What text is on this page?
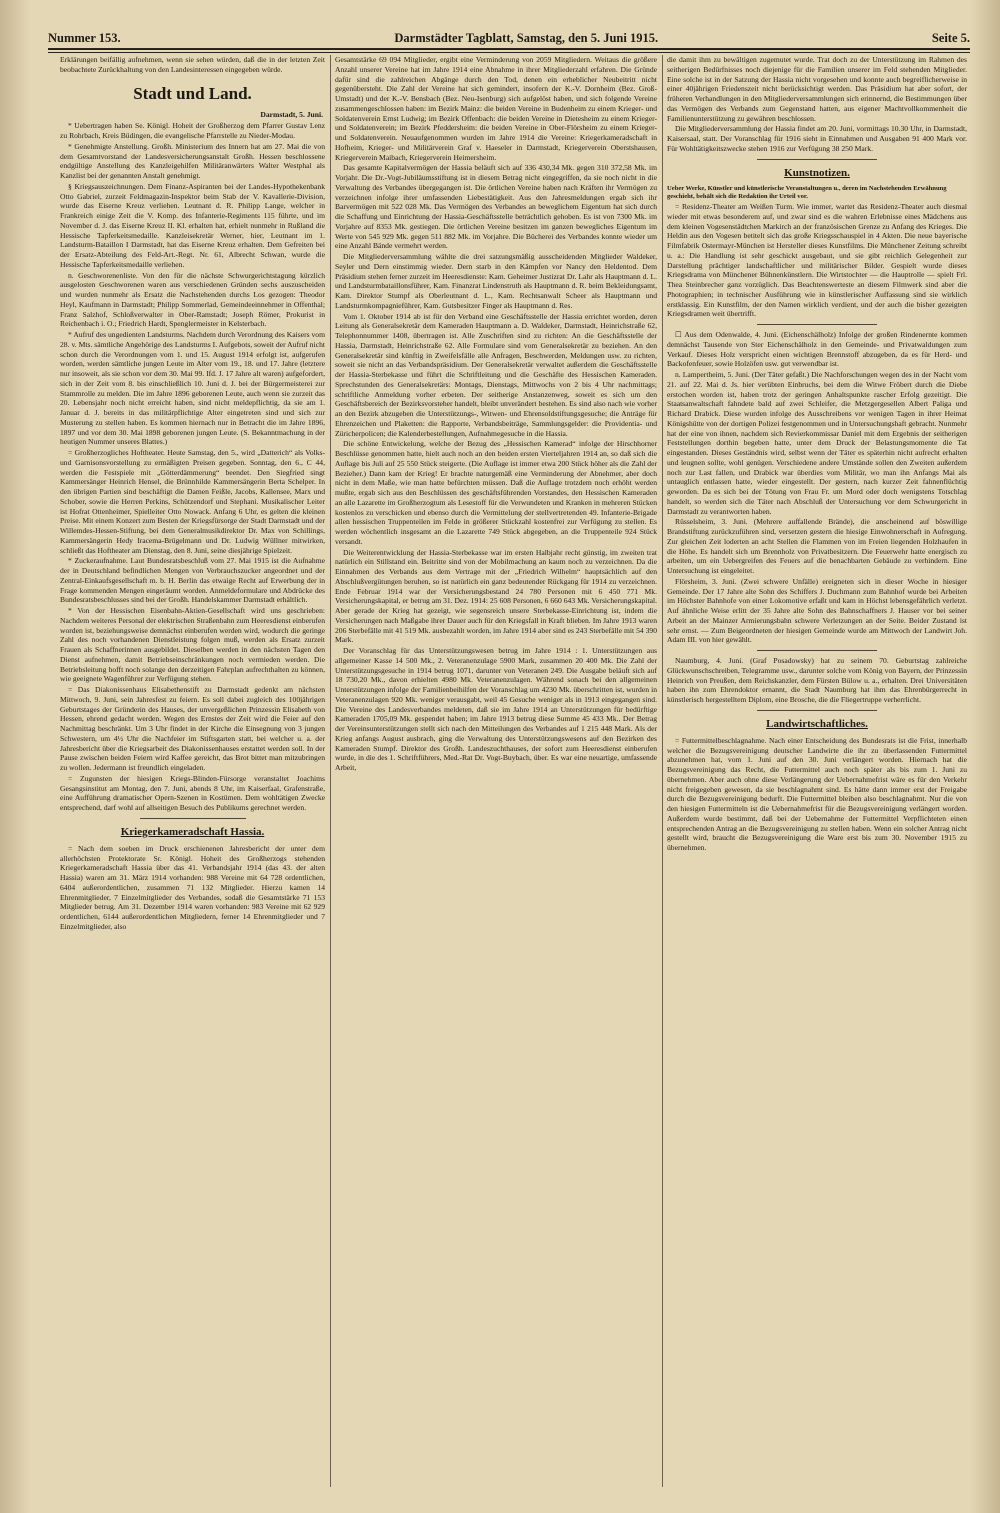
Nummer 153.	Darmstädter Tagblatt, Samstag, den 5. Juni 1915.	Seite 5.

Erklärungen beifällig aufnehmen, wenn sie sehen würden, daß die in der letzten Zeit beobachtete Zurückhaltung von den Landesinteressen eingegeben würde.

Stadt und Land.
Darmstadt, 5. Juni.

* Uebertragen haben Se. Königl. Hoheit der Großherzog dem Pfarrer Gustav Lenz zu Rohrbach, Kreis Büdingen, die evangelische Pfarrstelle zu Nieder-Modau.

* Genehmigte Anstellung. Großh. Ministerium des Innern hat am 27. Mai die von dem Gesamtvorstand der Landesversicherungsanstalt Großh. Hessen beschlossene endgültige Anstellung des Kanzleigehilfen Militäranwärters Walter Westphal als Kanzlist bei der genannten Anstalt genehmigt.

§ Kriegsauszeichnungen. Dem Finanz-Aspiranten bei der Landes-Hypothekenbank Otto Gabriel, zurzeit Feldmagazin-Inspektor beim Stab der V. Kavallerie-Division, wurde das Eiserne Kreuz verliehen. Leutnant d. R. Philipp Lange, welcher in Frankreich einige Zeit die V. Komp. des Infanterie-Regiments 115 führte, und im November d. J. das Eiserne Kreuz II. Kl. erhalten hat, erhielt nunmehr in Rußland die Hessische Tapferkeitsmedaille. Kanzleisekretär Werner, hier, Leutnant im 1. Landsturm-Bataillon I Darmstadt, hat das Eiserne Kreuz erhalten. Dem Gefreiten bei der Ersatz-Abteilung des Feld-Art.-Regt. Nr. 61, Albrecht Schwan, wurde die Hessische Tapferkeitsmedaille verliehen.

n. Geschworenenliste. Von den für die nächste Schwurgerichtstagung kürzlich ausgelosten Geschworenen waren aus verschiedenen Gründen sechs auszuscheiden und wurden nunmehr als Ersatz die Nachstehenden durchs Los gezogen: Theodor Heyl, Kaufmann in Darmstadt; Philipp Sommerlad, Gemeindeeinnehmer in Offenthal; Franz Salzhof, Schloßverwalter in Ober-Ramstadt; Joseph Römer, Prokurist in Reichenbach i. O.; Friedrich Hardt, Spenglermeister in Kelsterbach.

* Aufruf des ungedienten Landsturms. Nachdem durch Verordnung des Kaisers vom 28. v. Mts. sämtliche Angehörige des Landsturms I. Aufgebots, soweit der Aufruf nicht schon durch die Verordnungen vom 1. und 15. August 1914 erfolgt ist, aufgerufen worden, werden sämtliche jungen Leute im Alter vom 19., 18. und 17. Jahre (letztere nur insoweit, als sie schon vor dem 30. Mai 99. Ifd. J. 17 Jahre alt waren) aufgefordert, sich in der Zeit vom 8. bis einschließlich 10. Juni d. J. bei der Bürgermeisterei zur Stammrolle zu melden. Die im Jahre 1896 geborenen Leute, auch wenn sie zurzeit das 20. Lebensjahr noch nicht erreicht haben, sind nicht meldepflichtig, da sie am 1. Januar d. J. bereits in das militärpflichtige Alter eingetreten sind und sich zur Musterung zu stellen haben. Es kommen hiernach nur in Betracht die im Jahre 1896, 1897 und vor dem 30. Mai 1898 geborenen jungen Leute. (S. Bekanntmachung in der heutigen Nummer unseres Blattes.)

= Großherzogliches Hoftheater. Heute Samstag, den 5., wird „Datterich“ als Volks- und Garnisonsvorstellung zu ermäßigten Preisen gegeben. Sonntag, den 6., C 44, werden die Festspiele mit „Götterdämmerung“ beendet. Den Siegfried singt Kammersänger Heinrich Hensel, die Brünnhilde Kammersängerin Berta Schelper. In den übrigen Partien sind beschäftigt die Damen Feißle, Jacobs, Kallensee, Marx und Schober, sowie die Herren Perkins, Schützendorf und Stephani. Musikalischer Leiter ist Hofrat Ottenheimer, Spielleiter Otto Nowack. Anfang 6 Uhr, es gelten die kleinen Preise. Mit einem Konzert zum Besten der Kriegsfürsorge der Stadt Darmstadt und der Willemdes-Hessen-Stiftung, bei dem Generalmusikdirektor Dr. Max von Schillings, Kammersängerin Hedy Iracema-Brügelmann und Dr. Ludwig Wüllner mitwirken, schließt das Hoftheater am Dienstag, den 8. Juni, seine diesjährige Spielzeit.

* Zuckeraufnahme. Laut Bundesratsbeschluß vom 27. Mai 1915 ist die Aufnahme der in Deutschland befindlichen Mengen von Verbrauchszucker angeordnet und der Zentral-Einkaufsgesellschaft m. b. H. Berlin das etwaige Recht auf Erwerbung der in Frage kommenden Mengen eingeräumt worden. Anmeldeformulare und Abdrücke des Bundesratsbeschlusses sind bei der Großh. Handelskammer Darmstadt erhältlich.

* Von der Hessischen Eisenbahn-Aktien-Gesellschaft wird uns geschrieben: Nachdem weiteres Personal der elektrischen Straßenbahn zum Heeresdienst einberufen worden ist, beziehungsweise demnächst einberufen werden wird, wodurch die geringe Zahl des noch vorhandenen Dienstleistung folgen muß, werden als Ersatz zurzeit Frauen als Schaffnerinnen ausgebildet. Dieselben werden in den nächsten Tagen den Dienst aufnehmen, damit Betriebseinschränkungen noch vermieden werden. Die Betriebsleitung hofft noch solange den derzeitigen Fahrplan aufrechthalten zu können, wie geeignete Wagenführer zur Verfügung stehen.

= Das Diakonissenhaus Elisabethenstift zu Darmstadt gedenkt am nächsten Mittwoch, 9. Juni, sein Jahresfest zu feiern. Es soll dabei zugleich des 100jährigen Geburtstages der Gründerin des Hauses, der unvergeßlichen Prinzessin Elisabeth von Hessen, ehrend gedacht werden. Wegen des Ernstes der Zeit wird die Feier auf den Nachmittag beschränkt. Um 3 Uhr findet in der Kirche die Einsegnung von 3 jungen Schwestern, um 4½ Uhr die Nachfeier im Stiftsgarten statt, bei welcher u. a. der Jahresbericht über die Kriegsarbeit des Diakonissenhauses erstattet werden soll. In der Pause zwischen beiden Feiern wird Kaffee gereicht, das Brot bittet man mitzubringen zu wollen. Jedermann ist freundlich eingeladen.

= Zugunsten der hiesigen Kriegs-Blinden-Fürsorge veranstaltet Joachims Gesangsinstitut am Montag, den 7. Juni, abends 8 Uhr, im Kaiserfaal, Grafenstraße, eine Aufführung dramatischer Opern-Szenen in Kostümen. Dem wohltätigen Zwecke entsprechend, darf wohl auf allseitigen Besuch des Publikums gerechnet werden.

Kriegerkameradschaft Hassia.

= Nach dem soeben im Druck erschienenen Jahresbericht der unter dem allerhöchsten Protektorate Sr. Königl. Hoheit des Großherzogs stehenden Kriegerkameradschaft Hassia über das 41. Verbandsjahr 1914 (das 43. der alten Hassia) waren am 31. März 1914 vorhanden: 988 Vereine mit 64 728 ordentlichen, 6404 außerordentlichen, zusammen 71 132 Mitglieder. Hierzu kamen 14 Ehrenmitglieder, 7 Einzelmitglieder des Verbandes, sodaß die Gesamtstärke 71 153 Mitglieder betrug. Am 31. Dezember 1914 waren vorhanden: 983 Vereine mit 62 929 ordentlichen, 6144 außerordentlichen Mitgliedern, ferner 14 Ehrenmitglieder und 7 Einzelmitglieder, also

Gesamtstärke 69 094 Mitglieder, ergibt eine Verminderung von 2059 Mitgliedern. Weitaus die größere Anzahl unserer Vereine hat im Jahre 1914 eine Abnahme in ihrer Mitgliederzahl erfahren. Die Gründe dafür sind die zahlreichen Abgänge durch den Tod, denen ein erheblicher Neubeitritt nicht gegenübersteht. Die Zahl der Vereine hat sich gemindert, insofern der K.-V. Dornheim (Bez. Groß-Umstadt) und der K.-V. Bensbach (Bez. Neu-Isenburg) sich aufgelöst haben, und sich folgende Vereine zusammengeschlossen haben: im Bezirk Mainz: die beiden Vereine in Budenheim zu einem Krieger- und Soldatenverein Ernst Ludwig; im Bezirk Offenbach: die beiden Vereine in Dietesheim zu einem Krieger- und Soldatenverein; im Bezirk Pfeddersheim: die beiden Vereine in Ober-Flörsheim zu einem Krieger- und Soldatenverein. Neuaufgenommen wurden im Jahre 1914 die Vereine: Kriegerkameradschaft in Hofheim, Krieger- und Militärverein Graf v. Haeseler in Darmstadt, Kriegerverein Oberstshausen, Kriegerverein Maibach, Kriegerverein Heimersheim.

Das gesamte Kapitalvermögen der Hassia beläuft sich auf 336 430,34 Mk. gegen 310 372,58 Mk. im Vorjahr. Die Dr.-Vogt-Jubiläumsstiftung ist in diesem Betrag nicht eingegriffen, da sie noch nicht in die Verwaltung des Verbandes übergegangen ist. Die örtlichen Vereine haben nach Kräften ihr Vermögen zu verzeichnen infolge ihrer umfassenden Liebestätigkeit. Aus den Jahresmeldungen ergab sich ihr Barvermögen mit 522 028 Mk. Das Vermögen des Verbandes an beweglichem Eigentum hat sich durch die Schaffung und Einrichtung der Hassia-Geschäftsstelle beträchtlich gehoben. Es ist von 7300 Mk. im Vorjahre auf 8353 Mk. gestiegen. Die örtlichen Vereine besitzen im ganzen bewegliches Eigentum im Werte von 545 929 Mk. gegen 511 882 Mk. im Vorjahre. Die Bücherei des Verbandes konnte wieder um eine Anzahl Bände vermehrt werden.

Die Mitgliederversammlung wählte die drei satzungsmäßig ausscheidenden Mitglieder Waldeker, Seyler und Dern einstimmig wieder. Dern starb in den Kämpfen vor Nancy den Heldentod. Dem Präsidium stehen ferner zurzeit im Heeresdienste: Kam. Geheimer Justizrat Dr. Lahr als Hauptmann d. L. und Landsturmbataillonsführer, Kam. Finanzrat Lindenstruth als Hauptmann d. R. beim Bekleidungsamt, Kam. Direktor Stumpf als Oberleutnant d. L., Kam. Rechtsanwalt Scheer als Hauptmann und Landsturmkompagnieführer, Kam. Gutsbesitzer Finger als Hauptmann d. Res.

Vom 1. Oktober 1914 ab ist für den Verband eine Geschäftsstelle der Hassia errichtet worden, deren Leitung als Generalsekretär dem Kameraden Hauptmann a. D. Waldeker, Darmstadt, Heinrichstraße 62, Telephonnummer 1408, übertragen ist. Alle Zuschriften sind zu richten: An die Geschäftsstelle der Hassia, Darmstadt, Heinrichstraße 62. Alle Formulare sind vom Generalsekretär zu beziehen. An den Generalsekretär sind künftig in Zweifelsfälle alle Anfragen, Beschwerden, Meldungen usw. zu richten, soweit sie nicht an das Verbandspräsidium. Der Generalsekretär verwaltet außerdem die Geschäftsstelle der Hassia-Sterbekasse und führt die Schriftleitung und die Geschäfte des Hessischen Kameraden. Sprechstunden des Generalsekretärs: Montags, Dienstags, Mittwochs von 2 bis 4 Uhr nachmittags; schriftliche Anmeldung vorher erbeten. Der seitherige Anstanzenweg, soweit es sich um den Geschäftsbereich der Bezirksvorsteher handelt, bleibt unverändert bestehen. Es sind also nach wie vorher an den Bezirk abzugeben die Unterstützungs-, Witwen- und Ehrensoldstiftungsgesuche; die Anträge für Ehrenzeichen und Plaketten: die Rapporte, Verbandsbeiträge, Sammlungsgelder: die Providentia- und Züricherpolicen; die Kalenderbestellungen, Aufnahmegesuche in die Hassia.

Die schöne Entwickelung, welche der Bezug des „Hessischen Kamerad“ infolge der Hirschhorner Beschlüsse genommen hatte, hielt auch noch an den beiden ersten Vierteljahren 1914 an, so daß sich die Auflage bis Juli auf 25 550 Stück steigerte. (Die Auflage ist immer etwa 200 Stück höher als die Zahl der Bezieher.) Dann kam der Krieg! Er brachte naturgemäß eine Verminderung der Abnehmer, aber doch nicht in dem Maße, wie man hatte befürchten müssen. Daß die Auflage trotzdem noch erhöht werden mußte, ergab sich aus den Beschlüssen des geschäftsführenden Vorstandes, den Hessischen Kameraden an alle Lazarette im Großherzogtum als Lesestoff für die Verwundeten und Kranken in mehreren Stücken kostenlos zu verschicken und ebenso durch die Vermittelung der stellvertretenden 49. Infanterie-Brigade allen hessischen Truppenteilen im Felde in größerer Stückzahl kostenfrei zur Verfügung zu stellen. Es werden wöchentlich insgesamt an die Lazarette 749 Stück abgegeben, an die Truppenteile 924 Stück versandt.

Die Weiterentwicklung der Hassia-Sterbekasse war im ersten Halbjahr recht günstig, im zweiten trat natürlich ein Stillstand ein. Beitritte sind von der Mobilmachung an kaum noch zu verzeichnen. Da die Einnahmen des Verbands aus dem Vertrage mit der „Friedrich Wilhelm“ hauptsächlich auf den Abschlußvergütungen beruhen, so ist natürlich ein ganz bedeutender Rückgang für 1914 zu verzeichnen. Ende Februar 1914 war der Versicherungsbestand 24 780 Personen mit 6 450 771 Mk. Versicherungskapital, er betrug am 31. Dez. 1914: 25 608 Personen, 6 660 643 Mk. Versicherungskapital. Aber gerade der Krieg hat gezeigt, wie segensreich unsere Sterbekasse-Einrichtung ist, indem die Versicherungen nach Maßgabe ihrer Dauer auch für den Kriegsfall in Kraft blieben. Im Jahre 1913 waren 206 Sterbefälle mit 41 519 Mk. ausbezahlt worden, im Jahre 1914 aber sind es 243 Sterbefälle mit 54 390 Mark.

Der Voranschlag für das Unterstützungswesen betrug im Jahre 1914 : 1. Unterstützungen aus allgemeiner Kasse 14 500 Mk., 2. Veteranenzulage 5900 Mark, zusammen 20 400 Mk. Die Zahl der Unterstützungsgesuche in 1914 betrug 1071, darunter von Veteranen 249. Die Ausgabe beläuft sich auf 18 730,20 Mk., davon erhielten 4980 Mk. Veteranenzulagen. Während sonach bei den allgemeinen Unterstützungen infolge der Familienbeihilfen der Voranschlag um 4230 Mk. überschritten ist, wurden in Veteranenzulagen 920 Mk. weniger verausgabt, weil 45 Gesuche weniger als in 1913 eingegangen sind. Die Vereine des Landesverbandes meldeten, daß sie im Jahre 1914 an Unterstützungen für bedürftige Kameraden 1705,09 Mk. gespendet haben; im Jahre 1913 betrug diese Summe 45 433 Mk.. Der Betrag der Vereinsunterstützungen stellt sich nach den Mitteilungen des Verbandes auf 1 215 448 Mark. Als der Krieg anfangs August ausbrach, ging die Verwaltung des Unterstützungswesens auf den Bezirken des Kameraden Stumpf. Direktor des Großh. Landeszuchthauses, der sofort zum Heeresdienst einberufen wurde, in die des 1. Schriftführers, Med.-Rat Dr. Vogt-Buybach, über. Es war eine neuartige, umfassende Arbeit,

die damit ihm zu bewältigen zugemutet wurde. Trat doch zu der Unterstützung im Rahmen des seitherigen Bedürfnisses noch diejenige für die Familien unserer im Feld stehenden Mitglieder. Eine solche ist in der Satzung der Hassia nicht vorgesehen und konnte auch begreiflicherweise in einer 40jährigen Friedenszeit nicht berücksichtigt werden. Das Präsidium hat aber sofort, der früheren Verhandlungen in den Mitgliederversammlungen sich erinnernd, die Bestimmungen über das Vermögen des Verbands zum Gegenstand hatten, aus eigener Machtvollkommenheit die Familienunterstützung zu gewähren beschlossen.

Die Mitgliederversammlung der Hassia findet am 20. Juni, vormittags 10.30 Uhr, in Darmstadt, Kaisersaal, statt. Der Voranschlag für 1916 sieht in Einnahmen und Ausgaben 91 400 Mark vor. Für Wohltätigkeitszwecke stehen 1916 zur Verfügung 38 250 Mark.

Kunstnotizen.

Ueber Werke, Künstler und künstlerische Veranstaltungen u., deren im Nachstehenden Erwähnung geschieht, behält sich die Redaktion ihr Urteil vor.

= Residenz-Theater am Weißen Turm. Wie immer, wartet das Residenz-Theater auch diesmal wieder mit etwas besonderem auf, und zwar sind es die wahren Erlebnisse eines Mädchens aus dem kleinen Vogesenstädtchen Markirch an der französischen Grenze zu Anfang des Krieges. Die Heldin aus den Vogesen betitelt sich das große Kriegsschauspiel in 4 Akten. Die neue bayerische Filmfabrik Ostermayr-München ist Hersteller dieses Kunstfilms. Die Münchener Zeitung schreibt u. a.: Die Handlung ist sehr geschickt ausgebaut, und sie gibt reichlich Gelegenheit zur Darstellung prächtiger landschaftlicher und militärischer Bilder. Gespielt wurde dieses Kriegsdrama von Münchener Bühnenkünstlern. Die Wirtstochter — die Hauptrolle — spielt Frl. Thea Steinbrecher ganz vorzüglich. Das Beachtenswerteste an diesem Filmwerk sind aber die Photographien; in technischer Ausführung wie in künstlerischer Auffassung sind sie wirklich erstklassig. Ein Kunstfilm, der den Namen wirklich verdient, und der auch die bisher gezeigten Kriegsdramen weit übertrifft.

☐ Aus dem Odenwalde, 4. Juni. (Eichenschälholz) Infolge der großen Rindenernte kommen demnächst Tausende von Ster Eichenschälholz in den Gemeinde- und Privatwaldungen zum Verkauf. Dieses Holz verspricht einen wichtigen Brennstoff abzugeben, da es für Herd- und Backofenfeuer, sowie Holzöfen usw. gut verwendbar ist.

n. Lampertheim, 5. Juni. (Der Täter gefaßt.) Die Nachforschungen wegen des in der Nacht vom 21. auf 22. Mai d. Js. hier verübten Einbruchs, bei dem die Witwe Fröbert durch die Diebe erstochen worden ist, haben trotz der geringen Anhaltspunkte rascher Erfolg gezeitigt. Die Staatsanwaltschaft fahndete bald auf zwei Schleifer, die Metzgergesellen Albert Paliga und Richard Drabick. Diese wurden infolge des Ausschreibens vor wenigen Tagen in ihrer Heimat Königshütte von der dortigen Polizei festgenommen und in Untersuchungshaft gebracht. Nunmehr hat der eine von ihnen, nachdem sich Revierkommissar Daniel mit dem Ergebnis der seitherigen Feststellungen dorthin begeben hatte, unter dem Druck der Belastungsmomente die Tat eingestanden. Dieses Geständnis wird, selbst wenn der Täter es späterhin nicht aufrecht erhalten und leugnen sollte, wohl genügen. Verschiedene andere Umstände sollen den Zweiten außerdem noch zur Last fallen, und Drabick war überdies vom Militär, wo man ihn Anfangs Mai als untauglich entlassen hatte, wieder eingestellt. Der gestern, nach kurzer Zeit fahnenflüchtig geworden. Da es sich bei der Tötung von Frau Fr. um Mord oder doch wenigstens Totschlag handelt, so werden sich die Täter nach Abschluß der Untersuchung vor dem Schwurgericht in Darmstadt zu verantworten haben.

Rüsselsheim, 3. Juni. (Mehrere auffallende Brände), die anscheinend auf böswillige Brandstiftung zurückzuführen sind, versetzen gestern die hiesige Einwohnerschaft in Aufregung. Zur gleichen Zeit loderten an acht Stellen die Flammen von im Freien liegenden Holzhaufen in die Höhe. Es handelt sich um Brennholz von Privatbesitzern. Die Feuerwehr hatte energisch zu arbeiten, um ein Uebergreifen des Feuers auf die benachbarten Gebäude zu verhindern. Eine Untersuchung ist eingeleitet.

Flörsheim, 3. Juni. (Zwei schwere Unfälle) ereigneten sich in dieser Woche in hiesiger Gemeinde. Der 17 Jahre alte Sohn des Schiffers J. Duchmann zum Bahnhof wurde bei Arbeiten im Höchster Bahnhofe von einer Lokomotive erfaßt und kam in Höchst lebensgefährlich verletzt. Auf ähnliche Weise erlitt der 35 Jahre alte Sohn des Bahnschaffners J. Hauser vor bei seiner Arbeit an der Mainzer Armierungsbahn schwere Verletzungen an der Seite. Beider Zustand ist sehr ernst. — Zum Beigeordneten der hiesigen Gemeinde wurde am Mittwoch der Landwirt Joh. Adam III. von hier gewählt.

Naumburg, 4. Juni. (Graf Posadowsky) hat zu seinem 70. Geburtstag zahlreiche Glückwunschschreiben, Telegramme usw., darunter solche vom König von Bayern, der Prinzessin Heinrich von Preußen, dem Reichskanzler, dem Fürsten Bülow u. a., erhalten. Drei Universitäten haben ihn zum Ehrendoktor ernannt, die Stadt Naumburg hat ihm das Ehrenbürgerrecht in künstlerisch hergestelltem Diplom, eine Brosche, die die Fliegertruppe verherrlicht.

Landwirtschaftliches.

= Futtermittelbeschlagnahme. Nach einer Entscheidung des Bundesrats ist die Frist, innerhalb welcher die Bezugsvereinigung deutscher Landwirte die ihr zu überlassenden Futtermittel abzunehmen hat, vom 1. Juni auf den 30. Juni verlängert worden. Hiernach hat die Bezugsvereinigung das Recht, die Futtermittel auch noch später als bis zum 1. Juni zu übernehmen. Aber auch ohne diese Verlängerung der Uebernahmefrist wäre es für den Verkehr nicht freigegeben gewesen, da sie beschlagnahmt sind. Es hätte dann immer erst der Freigabe durch die Bezugsvereinigung bedurft. Die Futtermittel bleiben also beschlagnahmt. Nur die von den hiesigen Futtermitteln ist die Uebernahmefrist für die Bezugsvereinigung verlängert worden. Außerdem wurde bestimmt, daß bei der Uebernahme der Futtermittel Verpflichteten einen entsprechenden Antrag an die Bezugsvereinigung zu stellen haben. Wenn ein solcher Antrag nicht gestellt wird, braucht die Bezugsvereinigung die Ware erst bis zum 30. November 1915 zu übernehmen.
